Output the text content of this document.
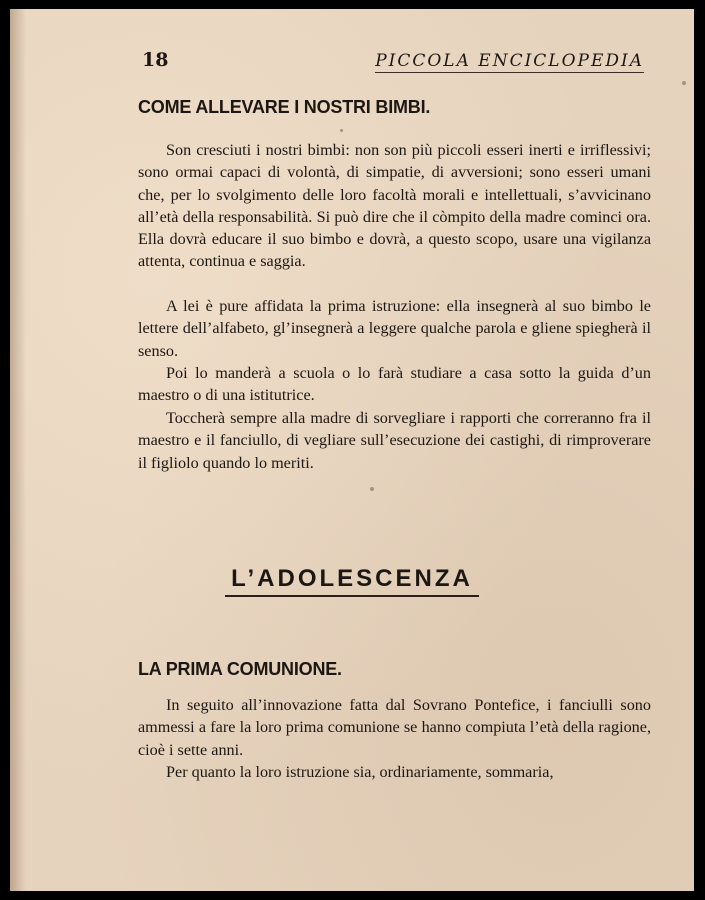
18	PICCOLA ENCICLOPEDIA
COME ALLEVARE I NOSTRI BIMBI.

Son cresciuti i nostri bimbi: non son più piccoli esseri inerti e irriflessivi; sono ormai capaci di volontà, di simpatie, di avversioni; sono esseri umani che, per lo svolgimento delle loro facoltà morali e intellettuali, s’avvicinano all’età della responsabilità. Si può dire che il còmpito della madre cominci ora. Ella dovrà educare il suo bimbo e dovrà, a questo scopo, usare una vigilanza attenta, continua e saggia.

A lei è pure affidata la prima istruzione: ella insegnerà al suo bimbo le lettere dell’alfabeto, gl’insegnerà a leggere qualche parola e gliene spiegherà il senso.

Poi lo manderà a scuola o lo farà studiare a casa sotto la guida d’un maestro o di una istitutrice.

Toccherà sempre alla madre di sorvegliare i rapporti che correranno fra il maestro e il fanciullo, di vegliare sull’esecuzione dei castighi, di rimproverare il figliolo quando lo meriti.

L’ADOLESCENZA
LA PRIMA COMUNIONE.

In seguito all’innovazione fatta dal Sovrano Pontefice, i fanciulli sono ammessi a fare la loro prima comunione se hanno compiuta l’età della ragione, cioè i sette anni.

Per quanto la loro istruzione sia, ordinariamente, sommaria,
